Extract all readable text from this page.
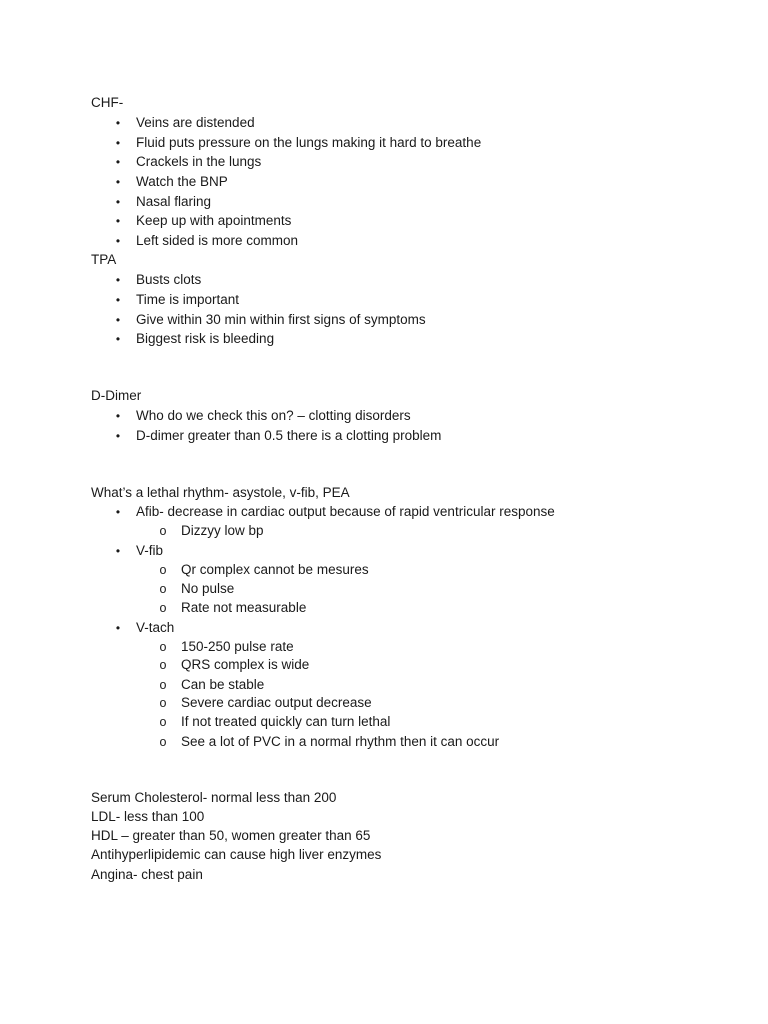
CHF-
• Veins are distended
• Fluid puts pressure on the lungs making it hard to breathe
• Crackels in the lungs
• Watch the BNP
• Nasal flaring
• Keep up with apointments
• Left sided is more common
TPA
• Busts clots
• Time is important
• Give within 30 min within first signs of symptoms
• Biggest risk is bleeding
D-Dimer
• Who do we check this on? – clotting disorders
• D-dimer greater than 0.5 there is a clotting problem
What’s a lethal rhythm- asystole, v-fib, PEA
• Afib- decrease in cardiac output because of rapid ventricular response
o Dizzyy low bp
• V-fib
o Qr complex cannot be mesures
o No pulse
o Rate not measurable
• V-tach
o 150-250 pulse rate
o QRS complex is wide
o Can be stable
o Severe cardiac output decrease
o If not treated quickly can turn lethal
o See a lot of PVC in a normal rhythm then it can occur
Serum Cholesterol- normal less than 200
LDL- less than 100
HDL – greater than 50, women greater than 65
Antihyperlipidemic can cause high liver enzymes
Angina- chest pain
